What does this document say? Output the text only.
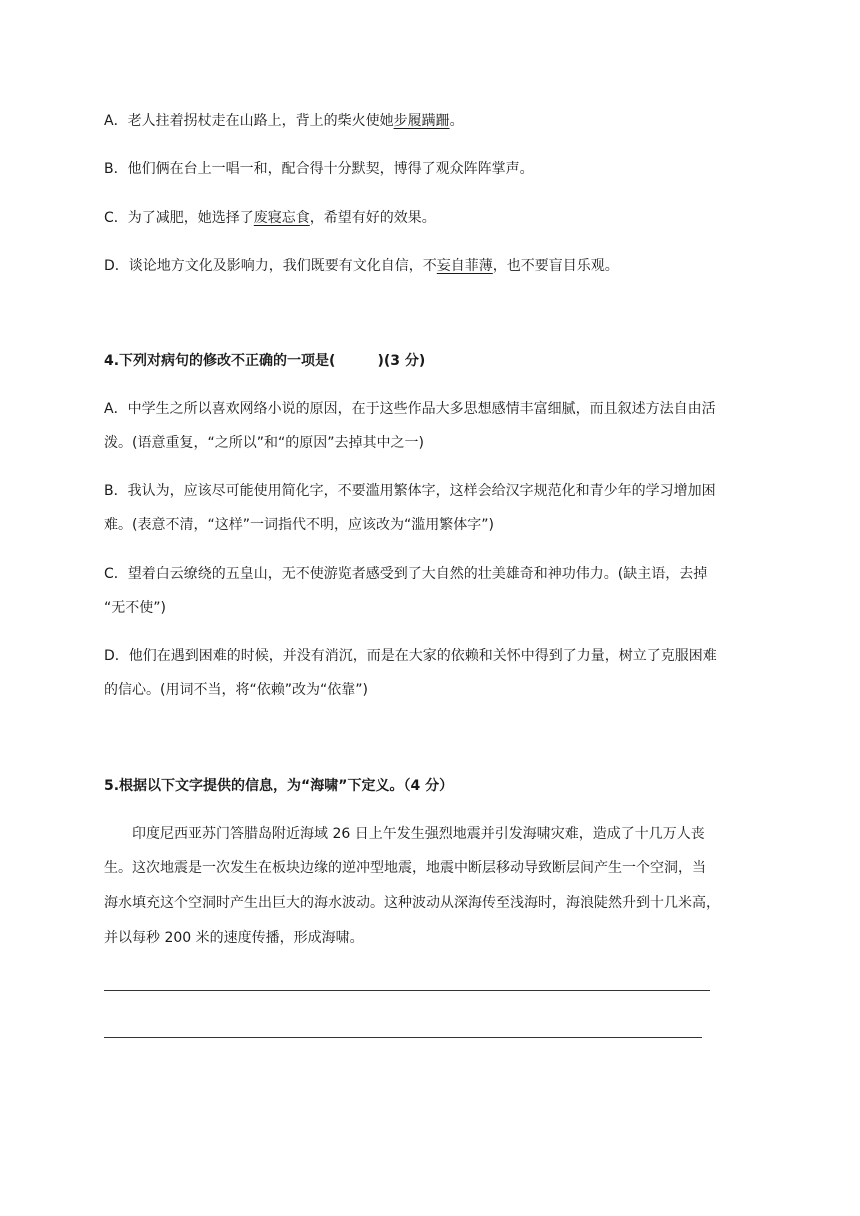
A．老人拄着拐杖走在山路上，背上的柴火使她步履蹒跚。
B．他们俩在台上一唱一和，配合得十分默契，博得了观众阵阵掌声。
C．为了减肥，她选择了废寝忘食，希望有好的效果。
D．谈论地方文化及影响力，我们既要有文化自信，不妄自菲薄，也不要盲目乐观。
4.下列对病句的修改不正确的一项是(　　　)(3 分)
A．中学生之所以喜欢网络小说的原因，在于这些作品大多思想感情丰富细腻，而且叙述方法自由活
泼。(语意重复，“之所以”和“的原因”去掉其中之一)
B．我认为，应该尽可能使用简化字，不要滥用繁体字，这样会给汉字规范化和青少年的学习增加困
难。(表意不清，“这样”一词指代不明，应该改为“滥用繁体字”)
C．望着白云缭绕的五皇山，无不使游览者感受到了大自然的壮美雄奇和神功伟力。(缺主语，去掉
“无不使”)
D．他们在遇到困难的时候，并没有消沉，而是在大家的依赖和关怀中得到了力量，树立了克服困难
的信心。(用词不当，将“依赖”改为“依靠”)
5.根据以下文字提供的信息，为“海啸”下定义。（4 分）
印度尼西亚苏门答腊岛附近海域 26 日上午发生强烈地震并引发海啸灾难，造成了十几万人丧
生。这次地震是一次发生在板块边缘的逆冲型地震，地震中断层移动导致断层间产生一个空洞，当
海水填充这个空洞时产生出巨大的海水波动。这种波动从深海传至浅海时，海浪陡然升到十几米高，
并以每秒 200 米的速度传播，形成海啸。
